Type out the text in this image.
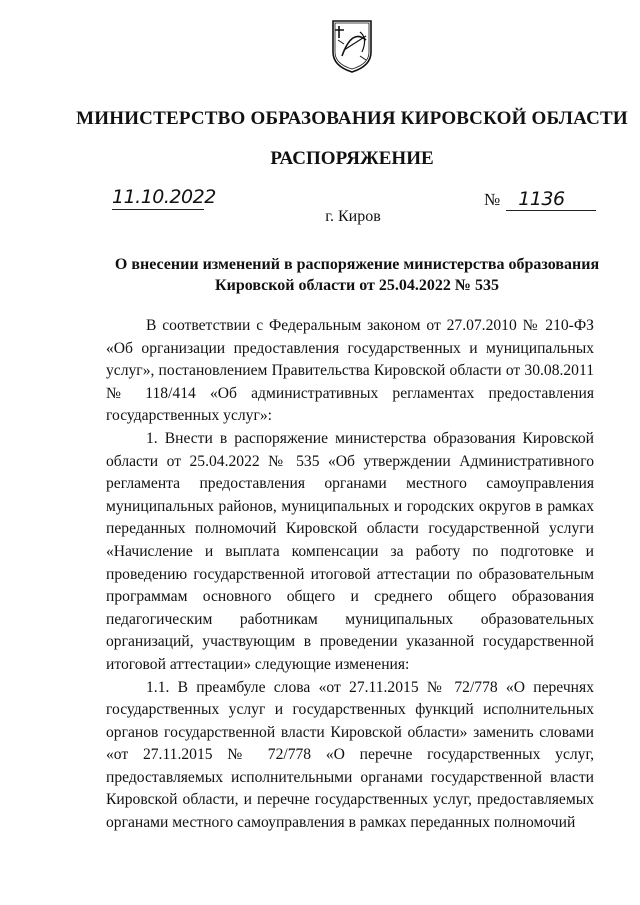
МИНИСТЕРСТВО ОБРАЗОВАНИЯ КИРОВСКОЙ ОБЛАСТИ
РАСПОРЯЖЕНИЕ
11.10.2022	№ 1136
г. Киров
О внесении изменений в распоряжение министерства образования
Кировской области от 25.04.2022 № 535

В соответствии с Федеральным законом от 27.07.2010 № 210-ФЗ «Об организации предоставления государственных и муниципальных услуг», постановлением Правительства Кировской области от 30.08.2011 № 118/414 «Об административных регламентах предоставления государственных услуг»:

1. Внести в распоряжение министерства образования Кировской области от 25.04.2022 № 535 «Об утверждении Административного регламента предоставления органами местного самоуправления муниципальных районов, муниципальных и городских округов в рамках переданных полномочий Кировской области государственной услуги «Начисление и выплата компенсации за работу по подготовке и проведению государственной итоговой аттестации по образовательным программам основного общего и среднего общего образования педагогическим работникам муниципальных образовательных организаций, участвующим в проведении указанной государственной итоговой аттестации» следующие изменения:

1.1. В преамбуле слова «от 27.11.2015 № 72/778 «О перечнях государственных услуг и государственных функций исполнительных органов государственной власти Кировской области» заменить словами «от 27.11.2015 № 72/778 «О перечне государственных услуг, предоставляемых исполнительными органами государственной власти Кировской области, и перечне государственных услуг, предоставляемых органами местного самоуправления в рамках переданных полномочий
